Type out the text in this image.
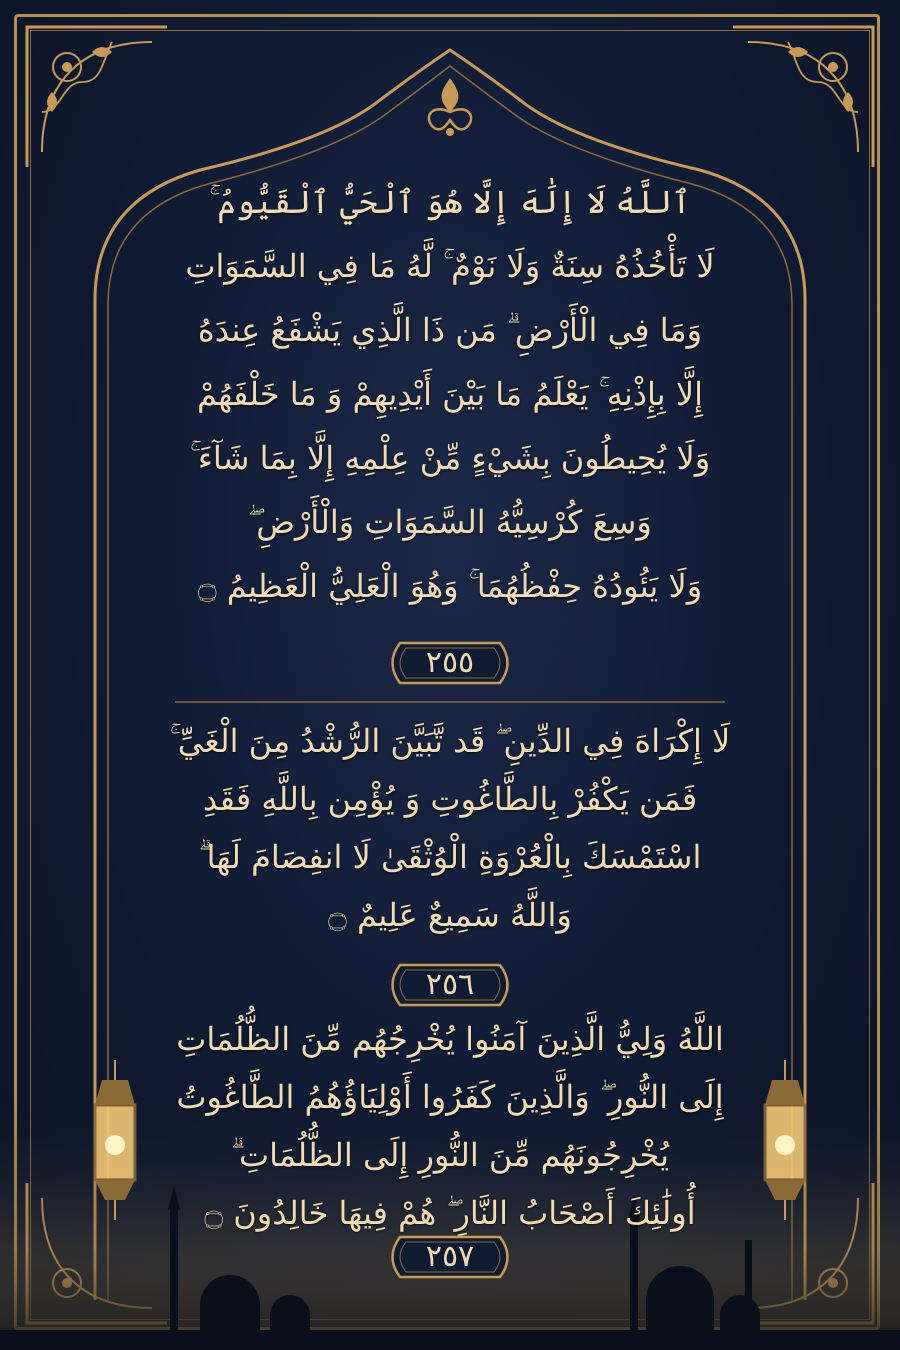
ٱللَّهُ لَا إِلَٰهَ إِلَّا هُوَ ٱلْحَيُّ ٱلْقَيُّومُ ۚ
لَا تَأْخُذُهُ سِنَةٌ وَلَا نَوْمٌ ۚ لَّهُ مَا فِي السَّمَوَاتِ
وَمَا فِي الْأَرْضِ ۗ مَن ذَا الَّذِي يَشْفَعُ عِندَهُ
إِلَّا بِإِذْنِهِ ۚ يَعْلَمُ مَا بَيْنَ أَيْدِيهِمْ وَ مَا خَلْفَهُمْ
وَلَا يُحِيطُونَ بِشَيْءٍ مِّنْ عِلْمِهِ إِلَّا بِمَا شَآءَ ۚ
وَسِعَ كُرْسِيُّهُ السَّمَوَاتِ وَالْأَرْضِ ۖ
وَلَا يَئُودُهُ حِفْظُهُمَا ۚ وَهُوَ الْعَلِيُّ الْعَظِيمُ ۝
٢٥٥
لَا إِكْرَاهَ فِي الدِّينِ ۖ قَد تَّبَيَّنَ الرُّشْدُ مِنَ الْغَيِّ ۚ
فَمَن يَكْفُرْ بِالطَّاغُوتِ وَ يُؤْمِن بِاللَّهِ فَقَدِ
اسْتَمْسَكَ بِالْعُرْوَةِ الْوُثْقَىٰ لَا انفِصَامَ لَهَا ۗ
وَاللَّهُ سَمِيعٌ عَلِيمٌ ۝
٢٥٦
اللَّهُ وَلِيُّ الَّذِينَ آمَنُوا يُخْرِجُهُم مِّنَ الظُّلُمَاتِ
إِلَى النُّورِ ۖ وَالَّذِينَ كَفَرُوا أَوْلِيَاؤُهُمُ الطَّاغُوتُ
يُخْرِجُونَهُم مِّنَ النُّورِ إِلَى الظُّلُمَاتِ ۗ
أُولَٰئِكَ أَصْحَابُ النَّارِ ۖ هُمْ فِيهَا خَالِدُونَ ۝
٢٥٧
